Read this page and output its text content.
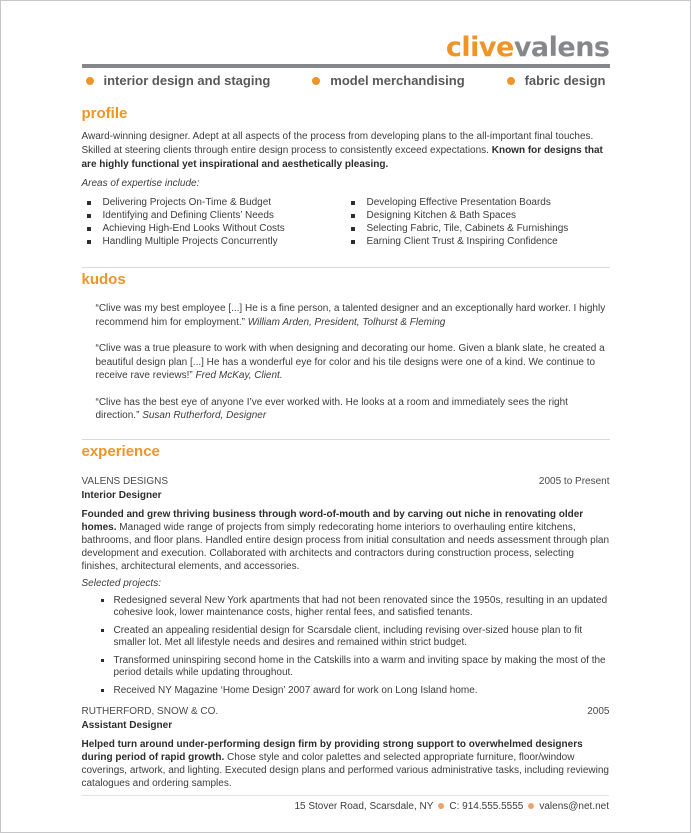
clivevalens
interior design and staging	model merchandising	fabric design
profile
Award-winning designer. Adept at all aspects of the process from developing plans to the all-important final touches. Skilled at steering clients through entire design process to consistently exceed expectations. Known for designs that are highly functional yet inspirational and aesthetically pleasing.
Areas of expertise include:
Delivering Projects On-Time & Budget
Identifying and Defining Clients’ Needs
Achieving High-End Looks Without Costs
Handling Multiple Projects Concurrently
Developing Effective Presentation Boards
Designing Kitchen & Bath Spaces
Selecting Fabric, Tile, Cabinets & Furnishings
Earning Client Trust & Inspiring Confidence
kudos

“Clive was my best employee [...] He is a fine person, a talented designer and an exceptionally hard worker. I highly recommend him for employment.” William Arden, President, Tolhurst & Fleming

“Clive was a true pleasure to work with when designing and decorating our home. Given a blank slate, he created a beautiful design plan [...] He has a wonderful eye for color and his tile designs were one of a kind. We continue to receive rave reviews!” Fred McKay, Client.

“Clive has the best eye of anyone I’ve ever worked with. He looks at a room and immediately sees the right direction.” Susan Rutherford, Designer

experience
VALENS DESIGNS	2005 to Present
Interior Designer
Founded and grew thriving business through word-of-mouth and by carving out niche in renovating older homes. Managed wide range of projects from simply redecorating home interiors to overhauling entire kitchens, bathrooms, and floor plans. Handled entire design process from initial consultation and needs assessment through plan development and execution. Collaborated with architects and contractors during construction process, selecting finishes, architectural elements, and accessories.
Selected projects:
Redesigned several New York apartments that had not been renovated since the 1950s, resulting in an updated cohesive look, lower maintenance costs, higher rental fees, and satisfied tenants.
Created an appealing residential design for Scarsdale client, including revising over-sized house plan to fit smaller lot. Met all lifestyle needs and desires and remained within strict budget.
Transformed uninspiring second home in the Catskills into a warm and inviting space by making the most of the period details while updating throughout.
Received NY Magazine ‘Home Design’ 2007 award for work on Long Island home.
RUTHERFORD, SNOW & CO.	2005
Assistant Designer
Helped turn around under-performing design firm by providing strong support to overwhelmed designers during period of rapid growth. Chose style and color palettes and selected appropriate furniture, floor/window coverings, artwork, and lighting. Executed design plans and performed various administrative tasks, including reviewing catalogues and ordering samples.
15 Stover Road, Scarsdale, NY C: 914.555.5555 valens@net.net
